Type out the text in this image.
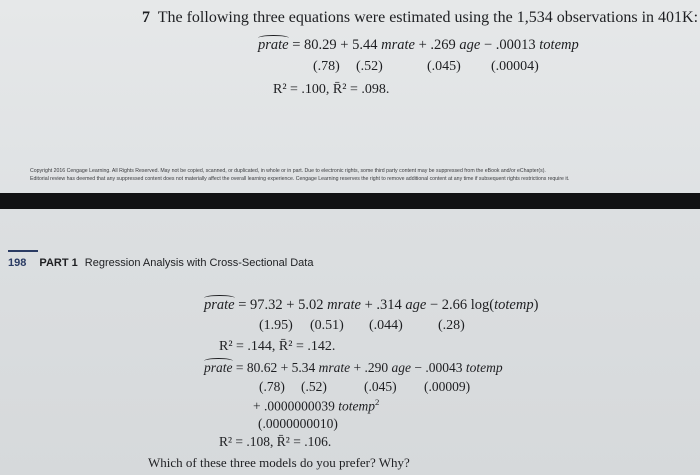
7 The following three equations were estimated using the 1,534 observations in 401K:
prate = 80.29 + 5.44 mrate + .269 age − .00013 totemp
(.78) (.52)	(.045) (.00004)
R² = .100, R̄² = .098.
Copyright 2016 Cengage Learning. All Rights Reserved. May not be copied, scanned, or duplicated, in whole or in part. Due to electronic rights, some third party content may be suppressed from the eBook and/or eChapter(s).
Editorial review has deemed that any suppressed content does not materially affect the overall learning experience. Cengage Learning reserves the right to remove additional content at any time if subsequent rights restrictions require it.
198 PART 1 Regression Analysis with Cross-Sectional Data
prate = 97.32 + 5.02 mrate + .314 age − 2.66 log(totemp)
(1.95) (0.51) (.044)	(.28)
R² = .144, R̄² = .142.
prate = 80.62 + 5.34 mrate + .290 age − .00043 totemp
(.78) (.52)	(.045) (.00009)
+ .0000000039 totemp$^2$
(.0000000010)
R² = .108, R̄² = .106.
Which of these three models do you prefer? Why?
